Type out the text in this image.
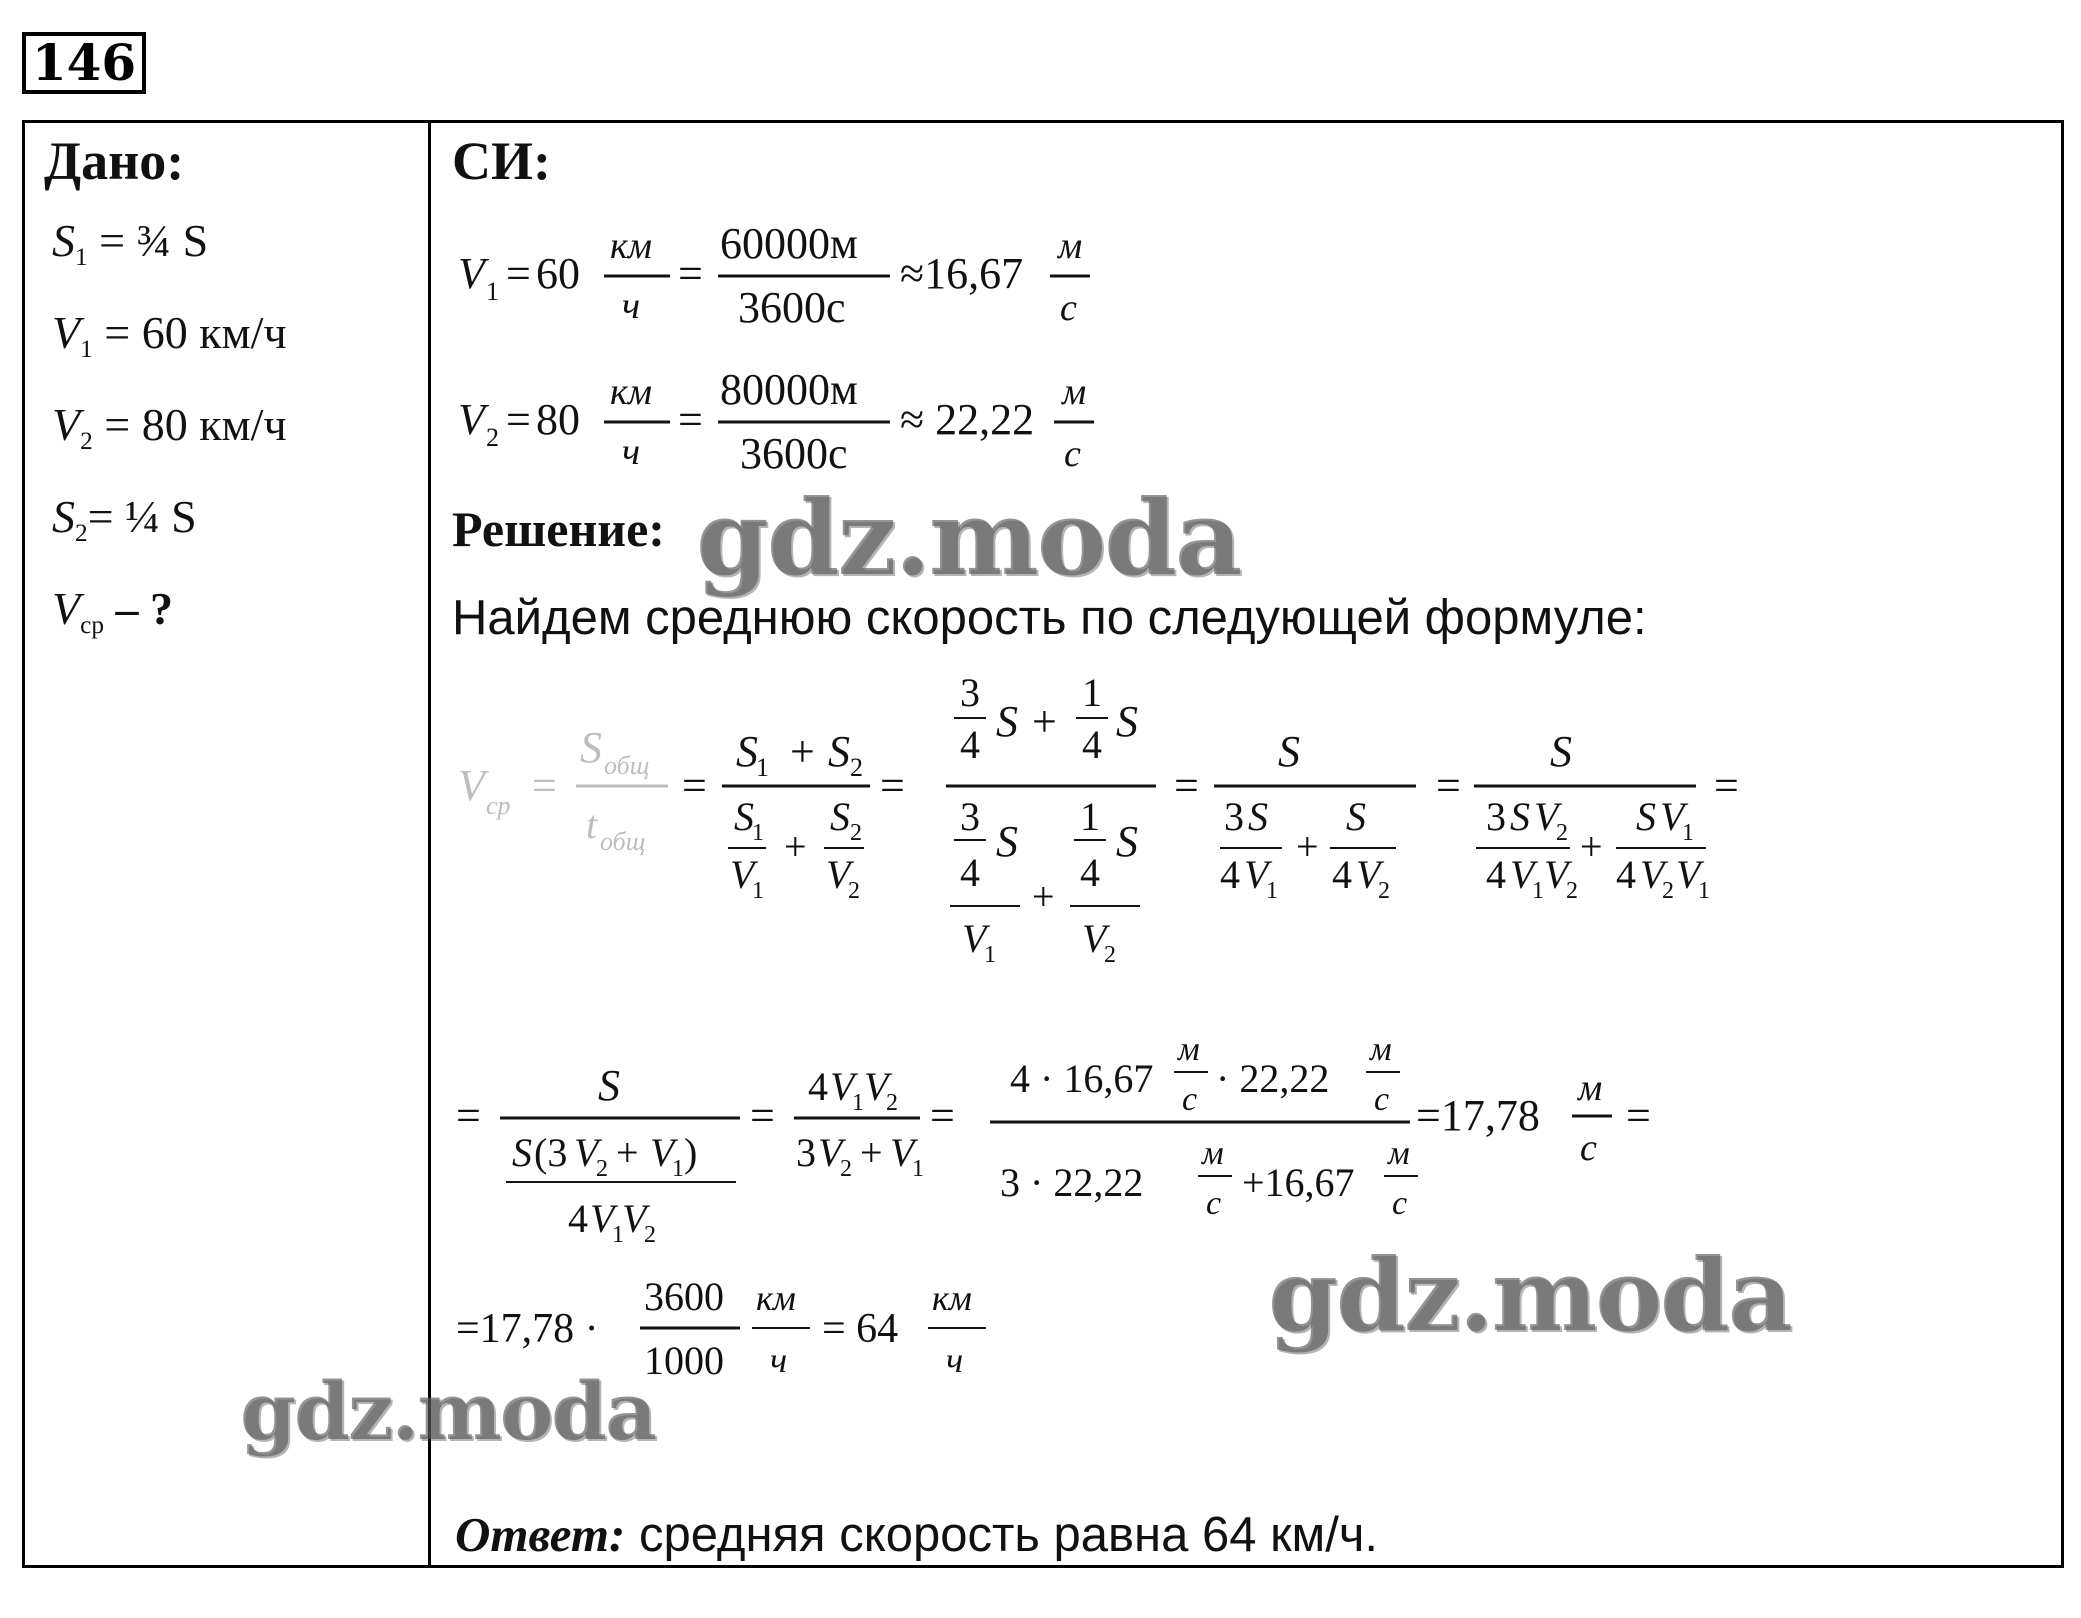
146
Дано:
$S_1$ = ¾ S
$V_1 = 60$ км/ч
$V_2 = 80$ км/ч
$S_2=$ ¼ S
$V_{ср}$ – ?
СИ:
V 1 = 60
км
ч
=
60000м
3600с
≈16,67
м
с
V 2 = 80
км
ч
=
80000м
3600с
≈ 22,22
м
с
Решение:
Найдем среднюю скорость по следующей формуле:
V ср =
S общ
t общ
=
S
1 + S 2
S
1
V
1
+
S 2
V
2
=
3
4 S +
1
4 S
3
S
4
V
1
+
1
S
4
V
2
=
S
3 S
4 V
1
+
S
4 V
2
=
S
3 S V
2
4 V
1 V
2
+
S V
1
4 V
2 V
1
=
=
S
S (3 V
2 + V
1 )
4 V
1
V
2
=
4 V
1 V
2
3 V
2 + V
1
=
4 · 16,67
м
с · 22,22
м
с
3 · 22,22
м
с +16,67
м
с
=17,78
м
с
=
=17,78 ·
3600
1000
км
ч
= 64
км
ч
Ответ: средняя скорость равна 64 км/ч.
gdz.moda
gdz.moda
gdz.moda
